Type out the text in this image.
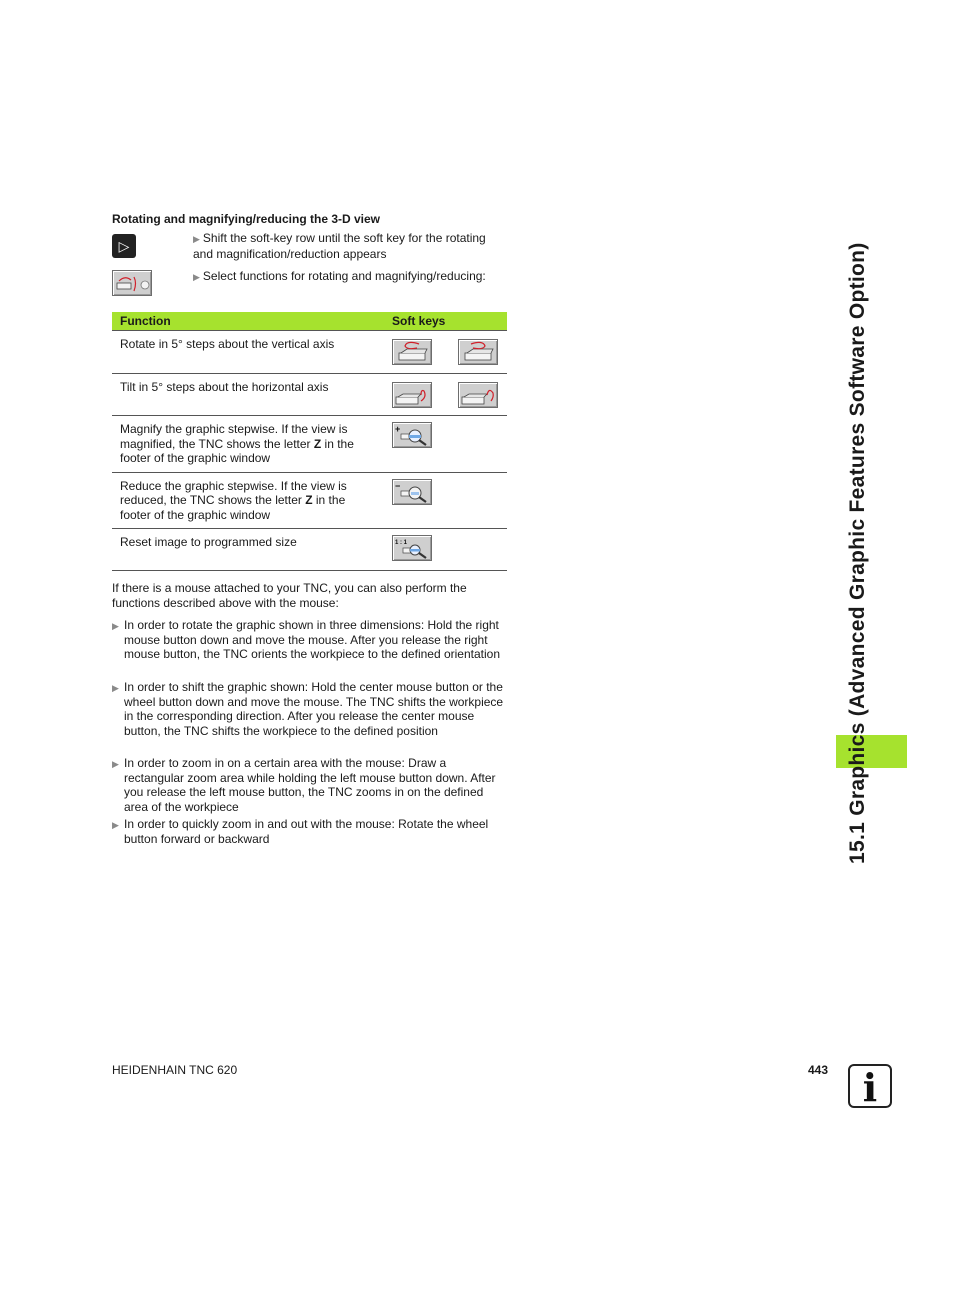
Rotating and magnifying/reducing the 3-D view
▷	▶ Shift the soft-key row until the soft key for the rotating and magnification/reduction appears
▶ Select functions for rotating and magnifying/reducing:
Function	Soft keys
Rotate in 5° steps about the vertical axis	

Tilt in 5° steps about the horizontal axis	

Magnify the graphic stepwise. If the view is magnified, the TNC shows the letter Z in the footer of the graphic window	+

Reduce the graphic stepwise. If the view is reduced, the TNC shows the letter Z in the footer of the graphic window	−

Reset image to programmed size	1 : 1
If there is a mouse attached to your TNC, you can also perform the functions described above with the mouse:
▶ In order to rotate the graphic shown in three dimensions: Hold the right mouse button down and move the mouse. After you release the right mouse button, the TNC orients the workpiece to the defined orientation
▶ In order to shift the graphic shown: Hold the center mouse button or the wheel button down and move the mouse. The TNC shifts the workpiece in the corresponding direction. After you release the center mouse button, the TNC shifts the workpiece to the defined position
▶ In order to zoom in on a certain area with the mouse: Draw a rectangular zoom area while holding the left mouse button down. After you release the left mouse button, the TNC zooms in on the defined area of the workpiece
▶ In order to quickly zoom in and out with the mouse: Rotate the wheel button forward or backward	15.1 Graphics (Advanced Graphic Features Software Option)
HEIDENHAIN TNC 620	443 i
